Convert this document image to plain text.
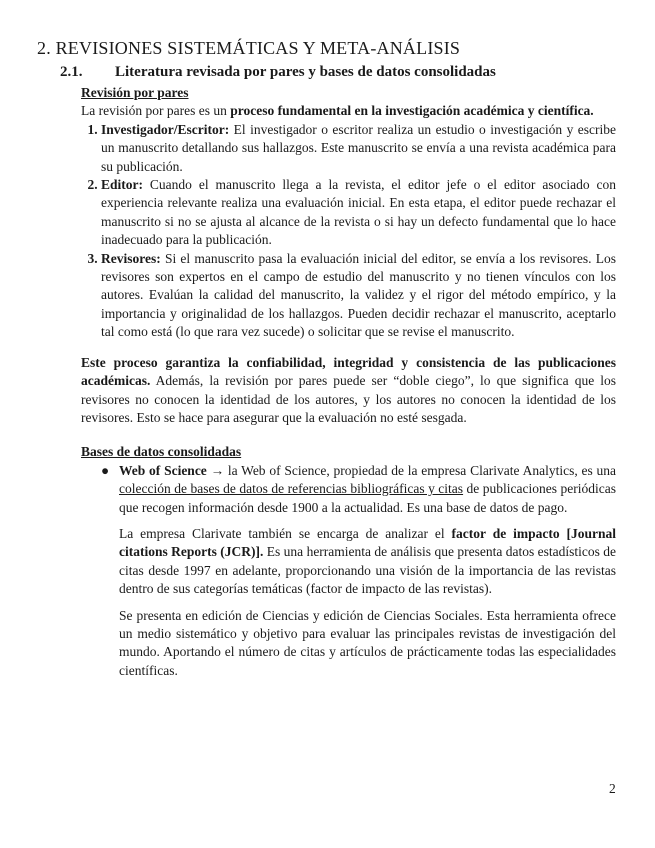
2. REVISIONES SISTEMÁTICAS Y META-ANÁLISIS
2.1. Literatura revisada por pares y bases de datos consolidadas

Revisión por pares

La revisión por pares es un proceso fundamental en la investigación académica y científica.

1. Investigador/Escritor: El investigador o escritor realiza un estudio o investigación y escribe un manuscrito detallando sus hallazgos. Este manuscrito se envía a una revista académica para su publicación.
2. Editor: Cuando el manuscrito llega a la revista, el editor jefe o el editor asociado con experiencia relevante realiza una evaluación inicial. En esta etapa, el editor puede rechazar el manuscrito si no se ajusta al alcance de la revista o si hay un defecto fundamental que lo hace inadecuado para la publicación.
3. Revisores: Si el manuscrito pasa la evaluación inicial del editor, se envía a los revisores. Los revisores son expertos en el campo de estudio del manuscrito y no tienen vínculos con los autores. Evalúan la calidad del manuscrito, la validez y el rigor del método empírico, y la importancia y originalidad de los hallazgos. Pueden decidir rechazar el manuscrito, aceptarlo tal como está (lo que rara vez sucede) o solicitar que se revise el manuscrito.

Este proceso garantiza la confiabilidad, integridad y consistencia de las publicaciones académicas. Además, la revisión por pares puede ser “doble ciego”, lo que significa que los revisores no conocen la identidad de los autores, y los autores no conocen la identidad de los revisores. Esto se hace para asegurar que la evaluación no esté sesgada.

Bases de datos consolidadas

● Web of Science → la Web of Science, propiedad de la empresa Clarivate Analytics, es una colección de bases de datos de referencias bibliográficas y citas de publicaciones periódicas que recogen información desde 1900 a la actualidad. Es una base de datos de pago.

La empresa Clarivate también se encarga de analizar el factor de impacto [Journal citations Reports (JCR)]. Es una herramienta de análisis que presenta datos estadísticos de citas desde 1997 en adelante, proporcionando una visión de la importancia de las revistas dentro de sus categorías temáticas (factor de impacto de las revistas).

Se presenta en edición de Ciencias y edición de Ciencias Sociales. Esta herramienta ofrece un medio sistemático y objetivo para evaluar las principales revistas de investigación del mundo. Aportando el número de citas y artículos de prácticamente todas las especialidades científicas.

2
